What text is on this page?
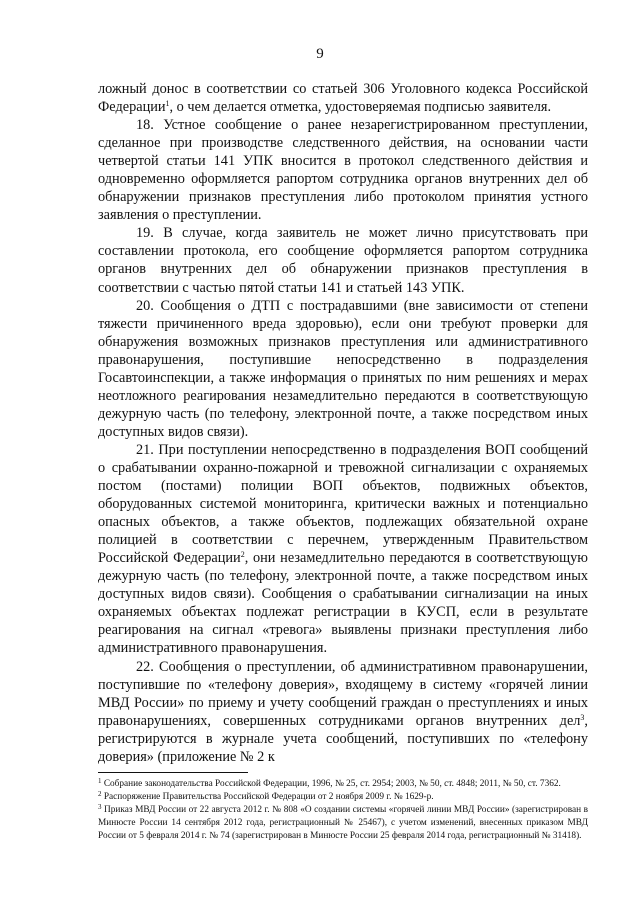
9

ложный донос в соответствии со статьей 306 Уголовного кодекса Российской Федерации$^1$, о чем делается отметка, удостоверяемая подписью заявителя.

18. Устное сообщение о ранее незарегистрированном преступлении, сделанное при производстве следственного действия, на основании части четвертой статьи 141 УПК вносится в протокол следственного действия и одновременно оформляется рапортом сотрудника органов внутренних дел об обнаружении признаков преступления либо протоколом принятия устного заявления о преступлении.

19. В случае, когда заявитель не может лично присутствовать при составлении протокола, его сообщение оформляется рапортом сотрудника органов внутренних дел об обнаружении признаков преступления в соответствии с частью пятой статьи 141 и статьей 143 УПК.

20. Сообщения о ДТП с пострадавшими (вне зависимости от степени тяжести причиненного вреда здоровью), если они требуют проверки для обнаружения возможных признаков преступления или административного правонарушения, поступившие непосредственно в подразделения Госавтоинспекции, а также информация о принятых по ним решениях и мерах неотложного реагирования незамедлительно передаются в соответствующую дежурную часть (по телефону, электронной почте, а также посредством иных доступных видов связи).

21. При поступлении непосредственно в подразделения ВОП сообщений о срабатывании охранно-пожарной и тревожной сигнализации с охраняемых постом (постами) полиции ВОП объектов, подвижных объектов, оборудованных системой мониторинга, критически важных и потенциально опасных объектов, а также объектов, подлежащих обязательной охране полицией в соответствии с перечнем, утвержденным Правительством Российской Федерации$^2$, они незамедлительно передаются в соответствующую дежурную часть (по телефону, электронной почте, а также посредством иных доступных видов связи). Сообщения о срабатывании сигнализации на иных охраняемых объектах подлежат регистрации в КУСП, если в результате реагирования на сигнал «тревога» выявлены признаки преступления либо административного правонарушения.

22. Сообщения о преступлении, об административном правонарушении, поступившие по «телефону доверия», входящему в систему «горячей линии МВД России» по приему и учету сообщений граждан о преступлениях и иных правонарушениях, совершенных сотрудниками органов внутренних дел$^3$, регистрируются в журнале учета сообщений, поступивших по «телефону доверия» (приложение № 2 к

$^1$ Собрание законодательства Российской Федерации, 1996, № 25, ст. 2954; 2003, № 50, ст. 4848; 2011, № 50, ст. 7362.

$^2$ Распоряжение Правительства Российской Федерации от 2 ноября 2009 г. № 1629-р.

$^3$ Приказ МВД России от 22 августа 2012 г. № 808 «О создании системы «горячей линии МВД России» (зарегистрирован в Минюсте России 14 сентября 2012 года, регистрационный № 25467), с учетом изменений, внесенных приказом МВД России от 5 февраля 2014 г. № 74 (зарегистрирован в Минюсте России 25 февраля 2014 года, регистрационный № 31418).
